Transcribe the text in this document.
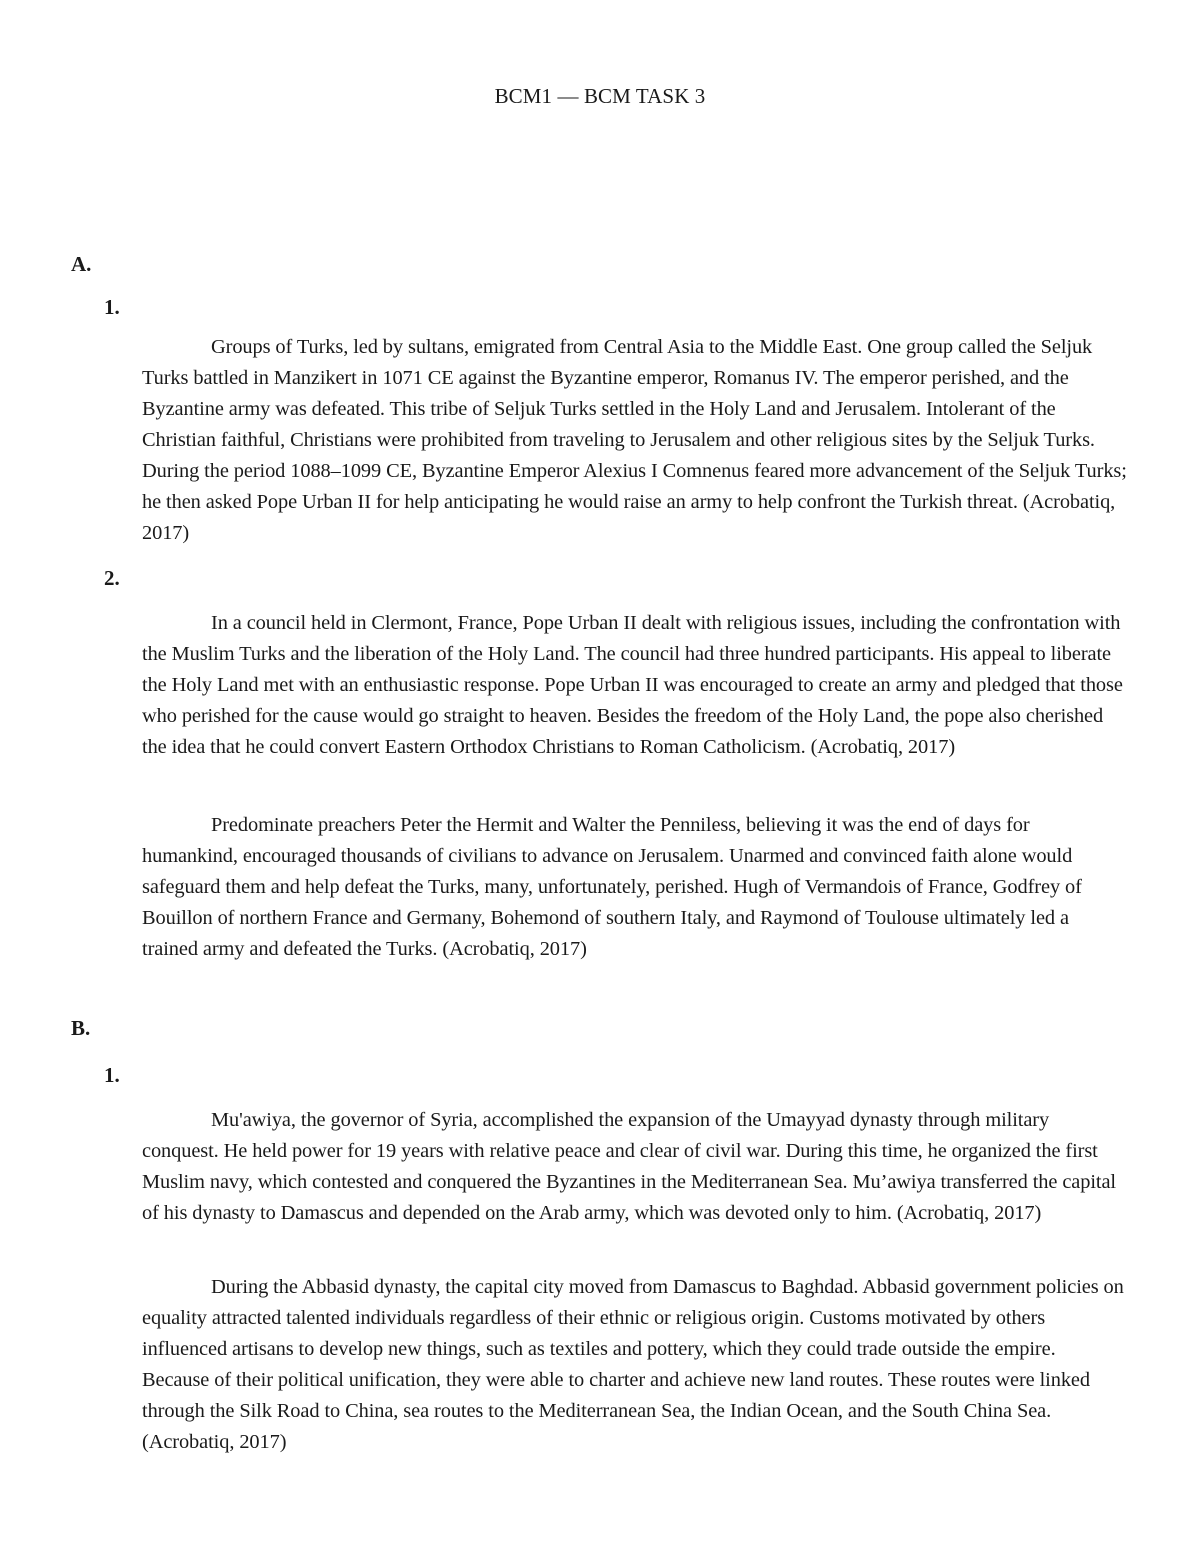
BCM1 — BCM TASK 3
A.
1.

Groups of Turks, led by sultans, emigrated from Central Asia to the Middle East. One group called the Seljuk Turks battled in Manzikert in 1071 CE against the Byzantine emperor, Romanus IV. The emperor perished, and the Byzantine army was defeated. This tribe of Seljuk Turks settled in the Holy Land and Jerusalem. Intolerant of the Christian faithful, Christians were prohibited from traveling to Jerusalem and other religious sites by the Seljuk Turks. During the period 1088–1099 CE, Byzantine Emperor Alexius I Comnenus feared more advancement of the Seljuk Turks; he then asked Pope Urban II for help anticipating he would raise an army to help confront the Turkish threat. (Acrobatiq, 2017)

2.

In a council held in Clermont, France, Pope Urban II dealt with religious issues, including the confrontation with the Muslim Turks and the liberation of the Holy Land. The council had three hundred participants. His appeal to liberate the Holy Land met with an enthusiastic response. Pope Urban II was encouraged to create an army and pledged that those who perished for the cause would go straight to heaven. Besides the freedom of the Holy Land, the pope also cherished the idea that he could convert Eastern Orthodox Christians to Roman Catholicism. (Acrobatiq, 2017)

Predominate preachers Peter the Hermit and Walter the Penniless, believing it was the end of days for humankind, encouraged thousands of civilians to advance on Jerusalem. Unarmed and convinced faith alone would safeguard them and help defeat the Turks, many, unfortunately, perished. Hugh of Vermandois of France, Godfrey of Bouillon of northern France and Germany, Bohemond of southern Italy, and Raymond of Toulouse ultimately led a trained army and defeated the Turks. (Acrobatiq, 2017)

B.
1.

Mu'awiya, the governor of Syria, accomplished the expansion of the Umayyad dynasty through military conquest. He held power for 19 years with relative peace and clear of civil war. During this time, he organized the first Muslim navy, which contested and conquered the Byzantines in the Mediterranean Sea. Mu’awiya transferred the capital of his dynasty to Damascus and depended on the Arab army, which was devoted only to him. (Acrobatiq, 2017)

During the Abbasid dynasty, the capital city moved from Damascus to Baghdad. Abbasid government policies on equality attracted talented individuals regardless of their ethnic or religious origin. Customs motivated by others influenced artisans to develop new things, such as textiles and pottery, which they could trade outside the empire. Because of their political unification, they were able to charter and achieve new land routes. These routes were linked through the Silk Road to China, sea routes to the Mediterranean Sea, the Indian Ocean, and the South China Sea. (Acrobatiq, 2017)
